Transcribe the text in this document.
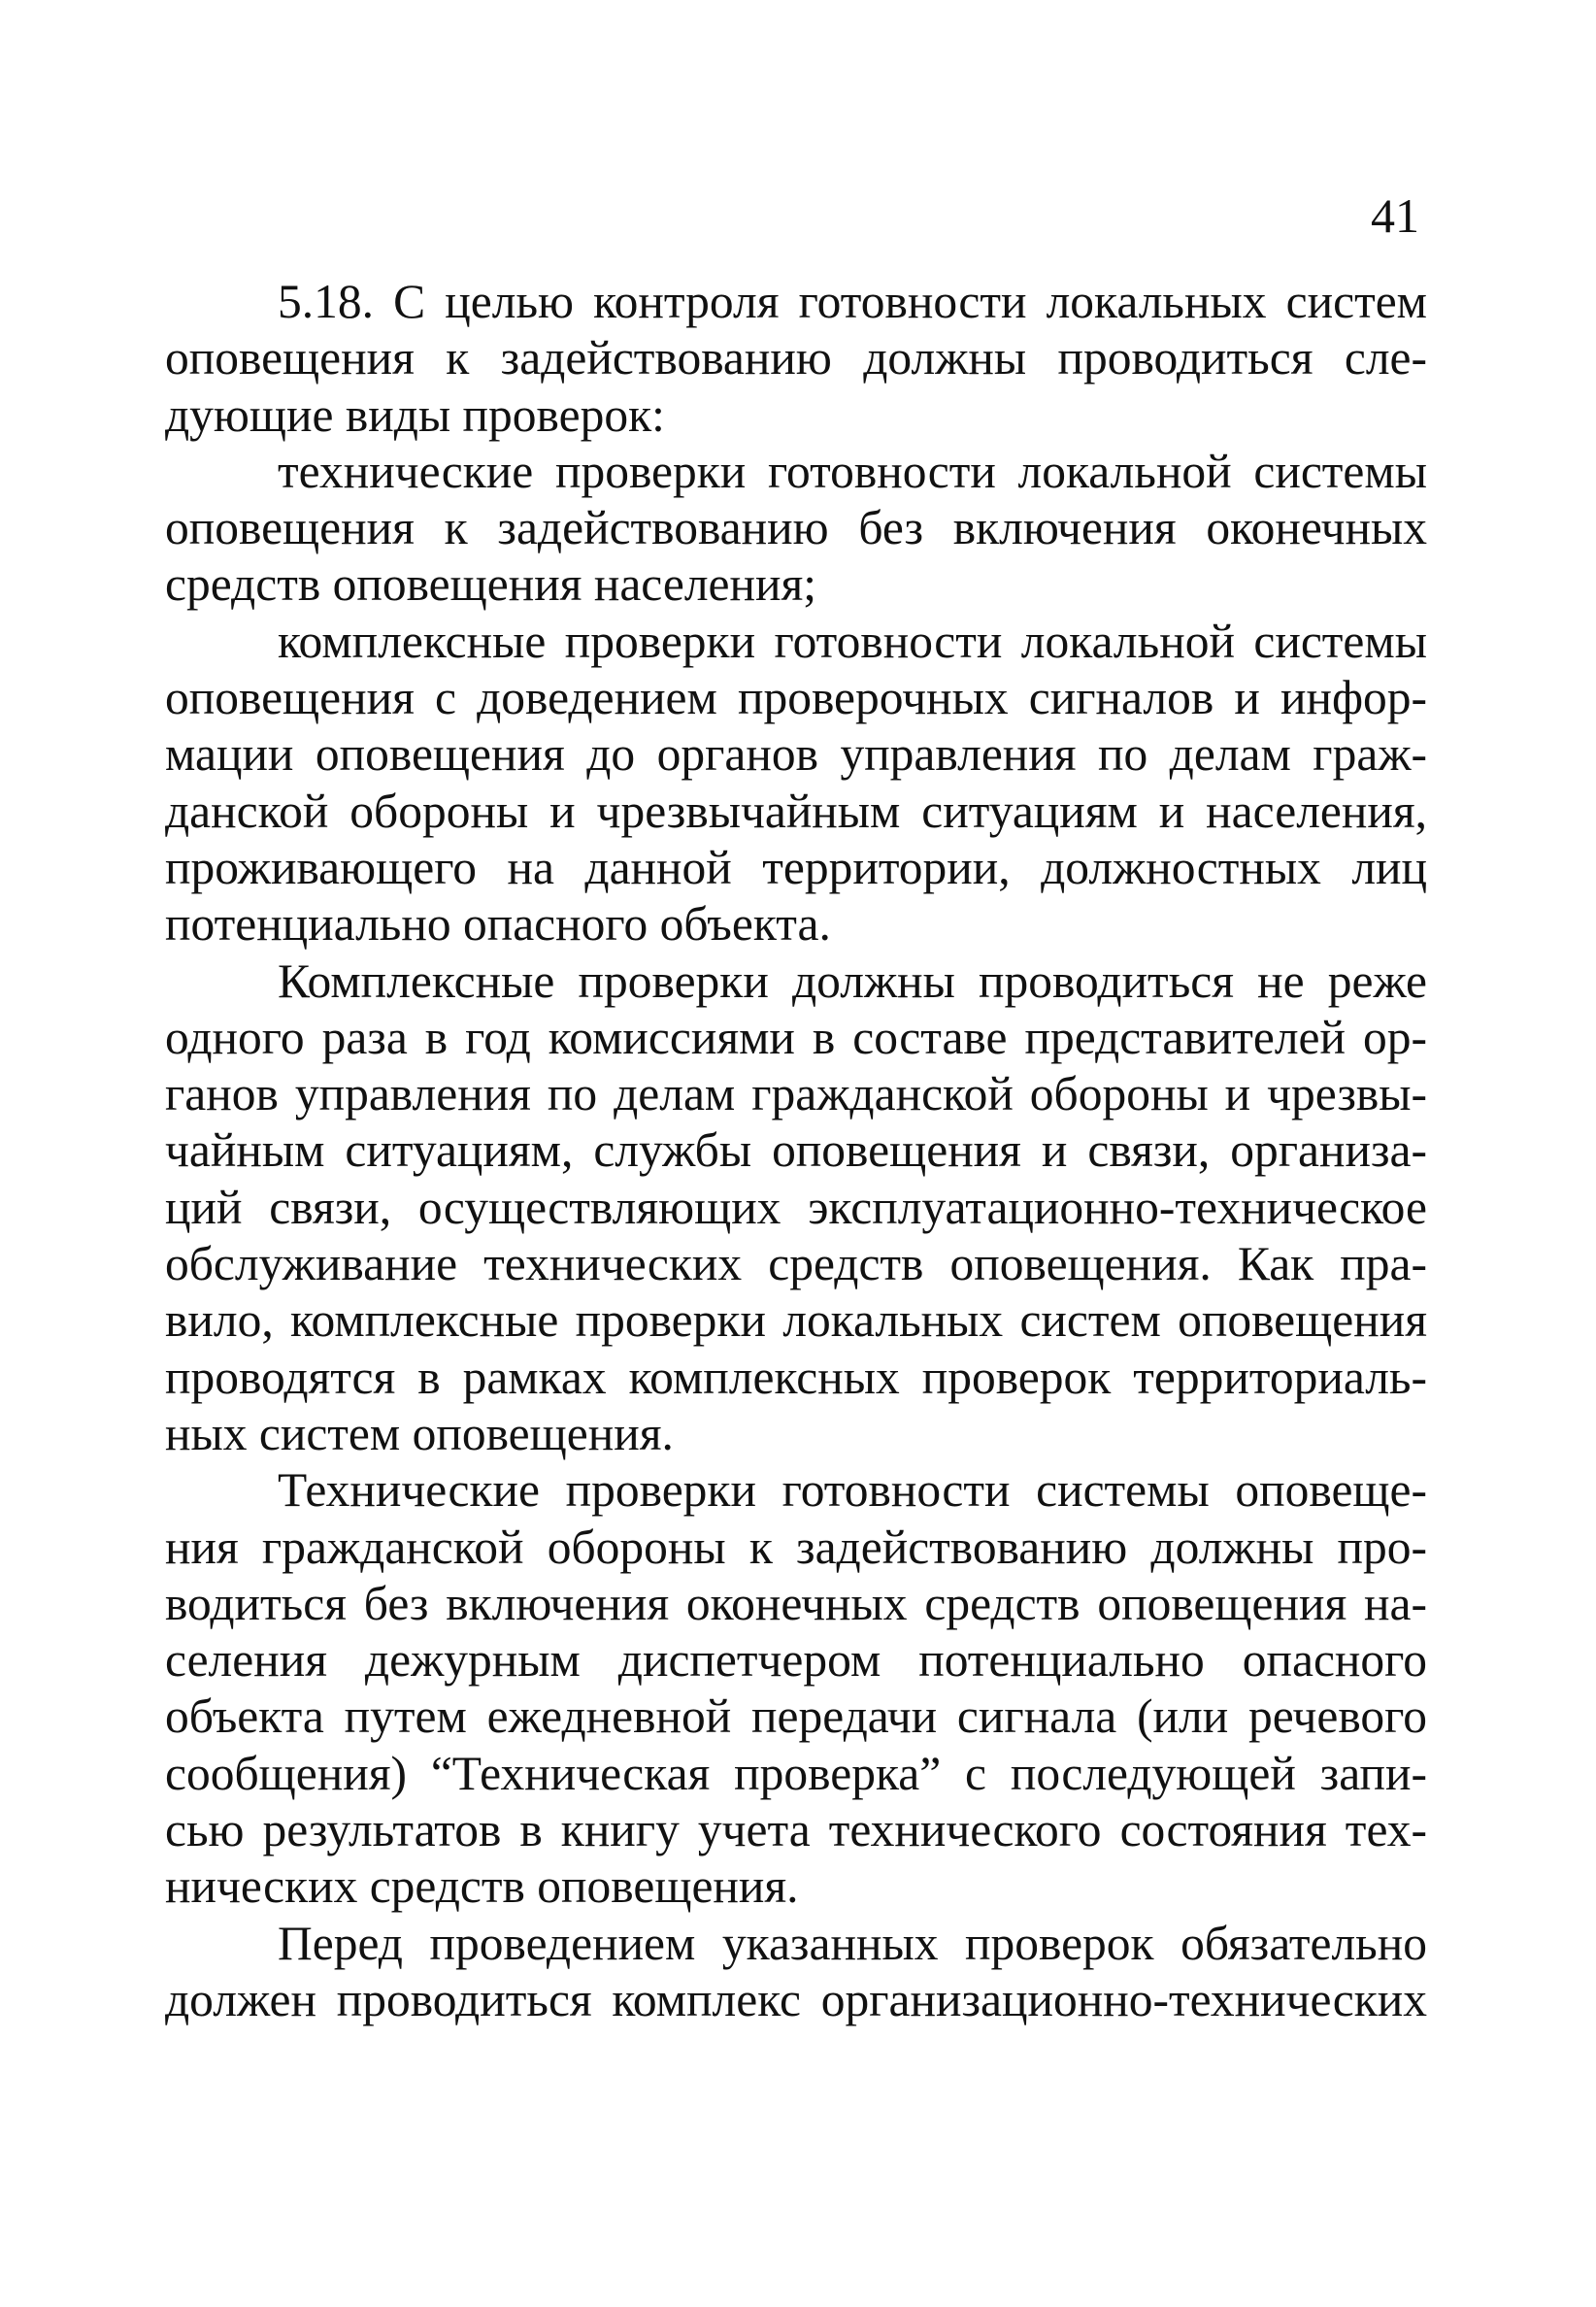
41
5.18. С целью контроля готовности локальных систем
оповещения к задействованию должны проводиться сле-
дующие виды проверок:
технические проверки готовности локальной системы
оповещения к задействованию без включения оконечных
средств оповещения населения;
комплексные проверки готовности локальной системы
оповещения с доведением проверочных сигналов и инфор-
мации оповещения до органов управления по делам граж-
данской обороны и чрезвычайным ситуациям и населения,
проживающего на данной территории, должностных лиц
потенциально опасного объекта.
Комплексные проверки должны проводиться не реже
одного раза в год комиссиями в составе представителей ор-
ганов управления по делам гражданской обороны и чрезвы-
чайным ситуациям, службы оповещения и связи, организа-
ций связи, осуществляющих эксплуатационно-техническое
обслуживание технических средств оповещения. Как пра-
вило, комплексные проверки локальных систем оповещения
проводятся в рамках комплексных проверок территориаль-
ных систем оповещения.
Технические проверки готовности системы оповеще-
ния гражданской обороны к задействованию должны про-
водиться без включения оконечных средств оповещения на-
селения дежурным диспетчером потенциально опасного
объекта путем ежедневной передачи сигнала (или речевого
сообщения) “Техническая проверка” с последующей запи-
сью результатов в книгу учета технического состояния тех-
нических средств оповещения.
Перед проведением указанных проверок обязательно
должен проводиться комплекс организационно-технических
